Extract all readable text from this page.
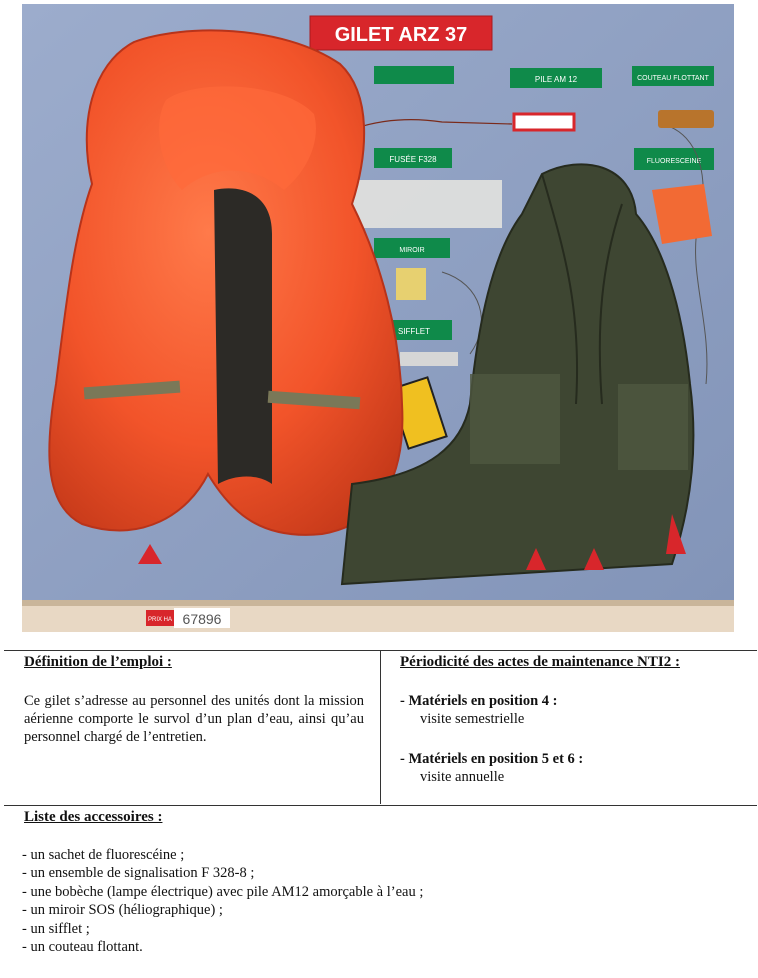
GILET ARZ 37
PILE AM 12	COUTEAU FLOTTANT
FUSÉE F328	FLUORESCEINE
MIROIR
SIFFLET
PRIX HA 67896
Définition de l’emploi :
Ce gilet s’adresse au personnel des unités dont la mission aérienne comporte le survol d’un plan d’eau, ainsi qu’au personnel chargé de l’entretien.
Périodicité des actes de maintenance NTI2 :
- Matériels en position 4 :
visite semestrielle
- Matériels en position 5 et 6 :
visite annuelle
Liste des accessoires :
- un sachet de fluorescéine ;
- un ensemble de signalisation F 328-8 ;
- une bobèche (lampe électrique) avec pile AM12 amorçable à l’eau ;
- un miroir SOS (héliographique) ;
- un sifflet ;
- un couteau flottant.
